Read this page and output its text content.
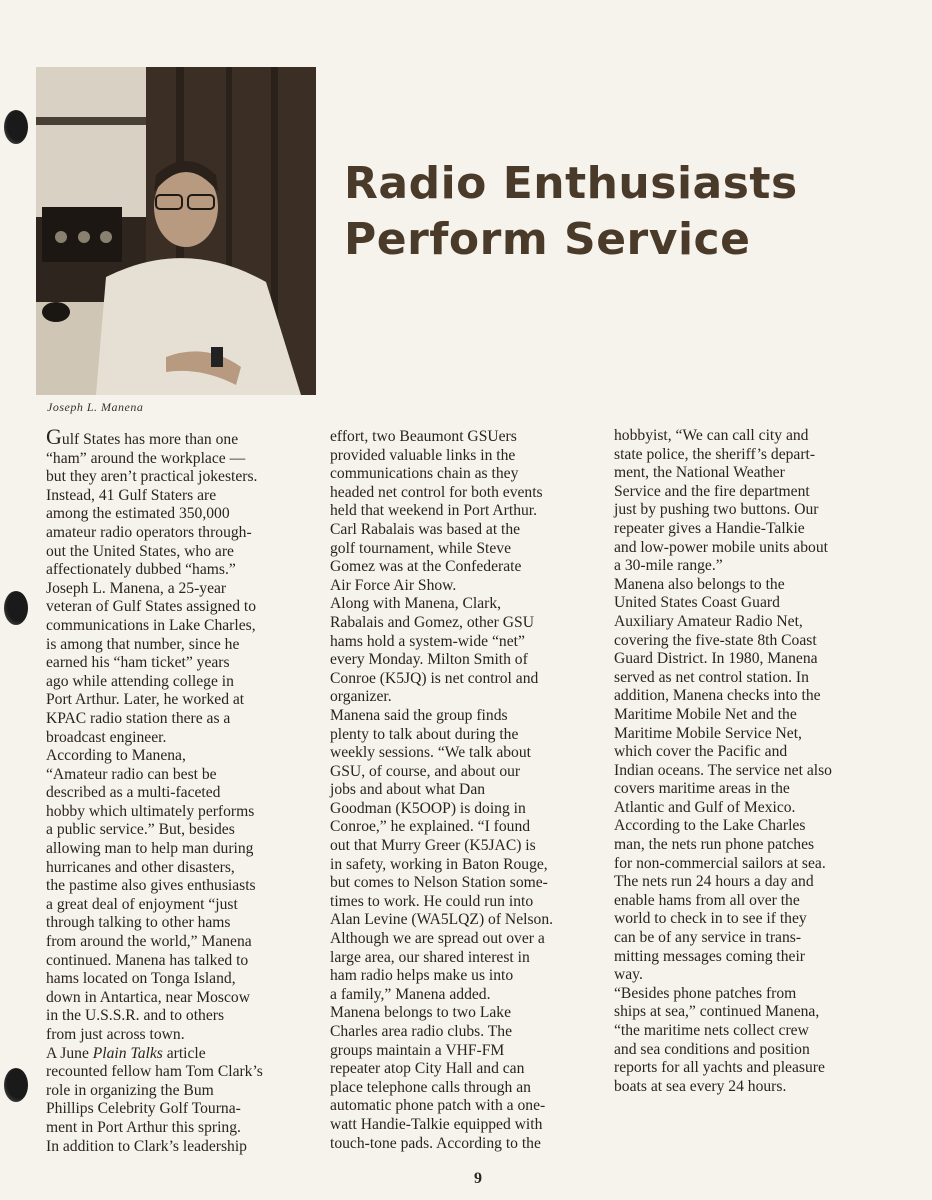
Joseph L. Manena
Radio Enthusiasts
Perform Service

Gulf States has more than one
“ham” around the workplace —
but they aren’t practical jokesters.

Instead, 41 Gulf Staters are
among the estimated 350,000
amateur radio operators through-
out the United States, who are
affectionately dubbed “hams.”

Joseph L. Manena, a 25-year
veteran of Gulf States assigned to
communications in Lake Charles,
is among that number, since he
earned his “ham ticket” years
ago while attending college in
Port Arthur. Later, he worked at
KPAC radio station there as a
broadcast engineer.

According to Manena,
“Amateur radio can best be
described as a multi-faceted
hobby which ultimately performs
a public service.” But, besides
allowing man to help man during
hurricanes and other disasters,
the pastime also gives enthusiasts
a great deal of enjoyment “just
through talking to other hams
from around the world,” Manena
continued. Manena has talked to
hams located on Tonga Island,
down in Antartica, near Moscow
in the U.S.S.R. and to others
from just across town.

A June Plain Talks article
recounted fellow ham Tom Clark’s
role in organizing the Bum
Phillips Celebrity Golf Tourna-
ment in Port Arthur this spring.
In addition to Clark’s leadership

effort, two Beaumont GSUers
provided valuable links in the
communications chain as they
headed net control for both events
held that weekend in Port Arthur.
Carl Rabalais was based at the
golf tournament, while Steve
Gomez was at the Confederate
Air Force Air Show.

Along with Manena, Clark,
Rabalais and Gomez, other GSU
hams hold a system-wide “net”
every Monday. Milton Smith of
Conroe (K5JQ) is net control and
organizer.

Manena said the group finds
plenty to talk about during the
weekly sessions. “We talk about
GSU, of course, and about our
jobs and about what Dan
Goodman (K5OOP) is doing in
Conroe,” he explained. “I found
out that Murry Greer (K5JAC) is
in safety, working in Baton Rouge,
but comes to Nelson Station some-
times to work. He could run into
Alan Levine (WA5LQZ) of Nelson.
Although we are spread out over a
large area, our shared interest in
ham radio helps make us into
a family,” Manena added.

Manena belongs to two Lake
Charles area radio clubs. The
groups maintain a VHF-FM
repeater atop City Hall and can
place telephone calls through an
automatic phone patch with a one-
watt Handie-Talkie equipped with
touch-tone pads. According to the

hobbyist, “We can call city and
state police, the sheriff’s depart-
ment, the National Weather
Service and the fire department
just by pushing two buttons. Our
repeater gives a Handie-Talkie
and low-power mobile units about
a 30-mile range.”

Manena also belongs to the
United States Coast Guard
Auxiliary Amateur Radio Net,
covering the five-state 8th Coast
Guard District. In 1980, Manena
served as net control station. In
addition, Manena checks into the
Maritime Mobile Net and the
Maritime Mobile Service Net,
which cover the Pacific and
Indian oceans. The service net also
covers maritime areas in the
Atlantic and Gulf of Mexico.
According to the Lake Charles
man, the nets run phone patches
for non-commercial sailors at sea.
The nets run 24 hours a day and
enable hams from all over the
world to check in to see if they
can be of any service in trans-
mitting messages coming their
way.

“Besides phone patches from
ships at sea,” continued Manena,
“the maritime nets collect crew
and sea conditions and position
reports for all yachts and pleasure
boats at sea every 24 hours.

9
